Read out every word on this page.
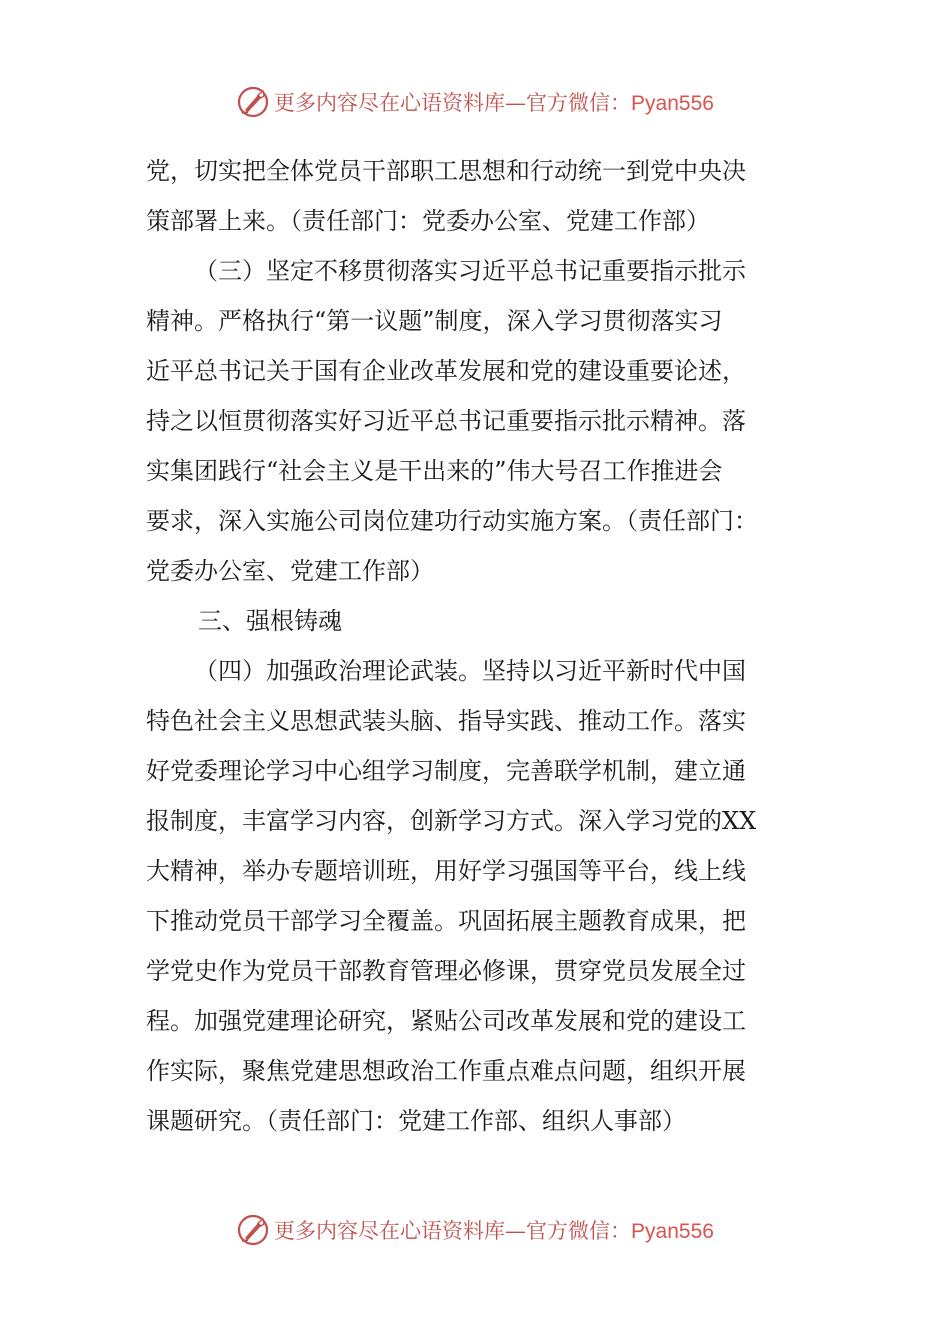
更多内容尽在心语资料库—官方微信：Pyan556
党，切实把全体党员干部职工思想和行动统一到党中央决
策部署上来。（责任部门：党委办公室、党建工作部）
（三）坚定不移贯彻落实习近平总书记重要指示批示
精神。严格执行“第一议题”制度，深入学习贯彻落实习
近平总书记关于国有企业改革发展和党的建设重要论述，
持之以恒贯彻落实好习近平总书记重要指示批示精神。落
实集团践行“社会主义是干出来的”伟大号召工作推进会
要求，深入实施公司岗位建功行动实施方案。（责任部门：
党委办公室、党建工作部）
三、强根铸魂
（四）加强政治理论武装。坚持以习近平新时代中国
特色社会主义思想武装头脑、指导实践、推动工作。落实
好党委理论学习中心组学习制度，完善联学机制，建立通
报制度，丰富学习内容，创新学习方式。深入学习党的XX
大精神，举办专题培训班，用好学习强国等平台，线上线
下推动党员干部学习全覆盖。巩固拓展主题教育成果，把
学党史作为党员干部教育管理必修课，贯穿党员发展全过
程。加强党建理论研究，紧贴公司改革发展和党的建设工
作实际，聚焦党建思想政治工作重点难点问题，组织开展
课题研究。（责任部门：党建工作部、组织人事部）
更多内容尽在心语资料库—官方微信：Pyan556
